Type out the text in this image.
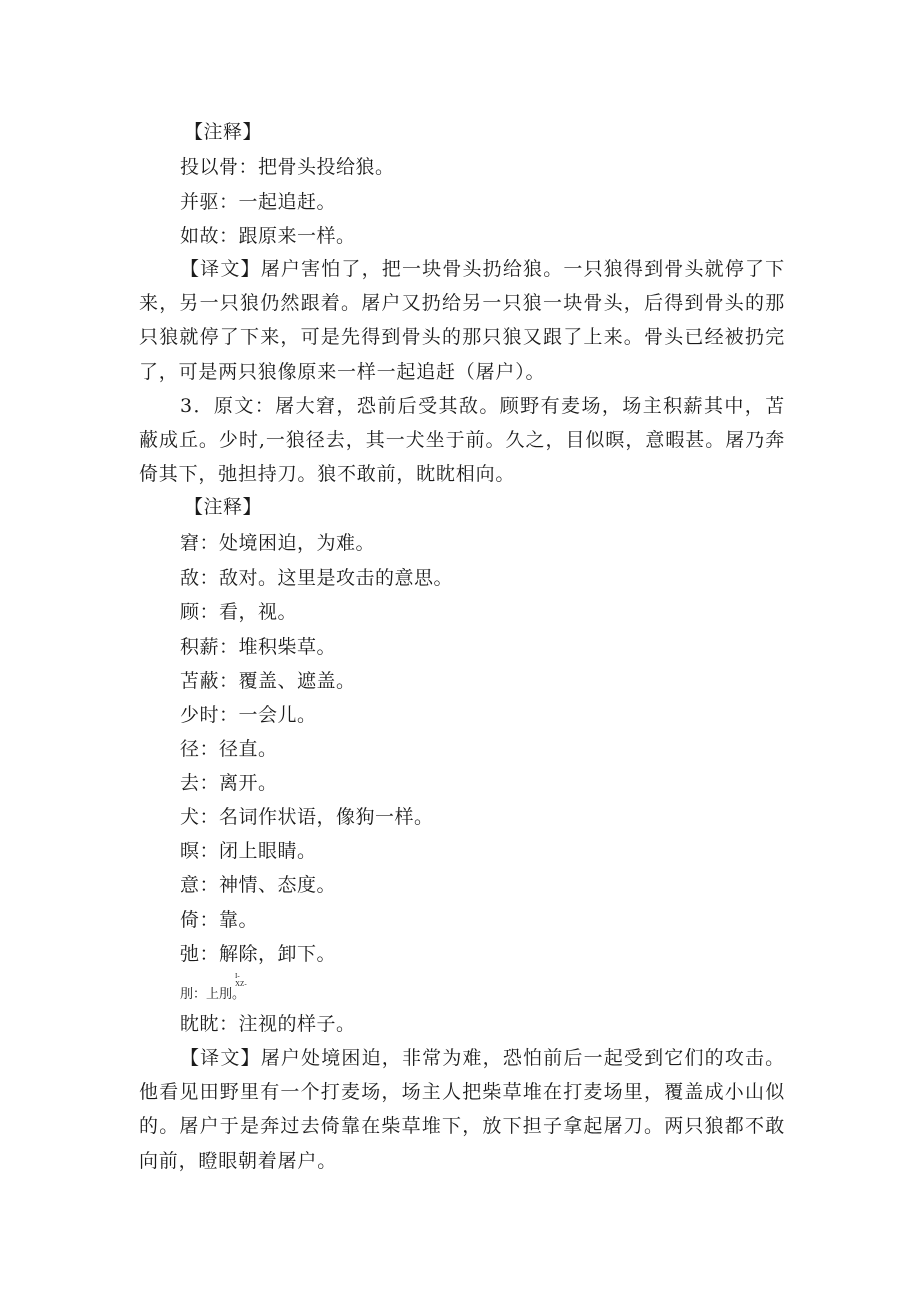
【注释】
投以骨：把骨头投给狼。
并驱：一起追赶。
如故：跟原来一样。
【译文】屠户害怕了，把一块骨头扔给狼。一只狼得到骨头就停了下来，另一只狼仍然跟着。屠户又扔给另一只狼一块骨头，后得到骨头的那只狼就停了下来，可是先得到骨头的那只狼又跟了上来。骨头已经被扔完了，可是两只狼像原来一样一起追赶（屠户）。
3．原文：屠大窘，恐前后受其敌。顾野有麦场，场主积薪其中，苫蔽成丘。少时,一狼径去，其一犬坐于前。久之，目似暝，意暇甚。屠乃奔倚其下，弛担持刀。狼不敢前，眈眈相向。
【注释】
窘：处境困迫，为难。
敌：敌对。这里是攻击的意思。
顾：看，视。
积薪：堆积柴草。
苫蔽：覆盖、遮盖。
少时：一会儿。
径：径直。
去：离开。
犬：名词作状语，像狗一样。
暝：闭上眼睛。
意：神情、态度。
倚：靠。
弛：解除，卸下。
I-XZ-
刖：上刖。
眈眈：注视的样子。
【译文】屠户处境困迫，非常为难，恐怕前后一起受到它们的攻击。他看见田野里有一个打麦场，场主人把柴草堆在打麦场里，覆盖成小山似的。屠户于是奔过去倚靠在柴草堆下，放下担子拿起屠刀。两只狼都不敢向前，瞪眼朝着屠户。
